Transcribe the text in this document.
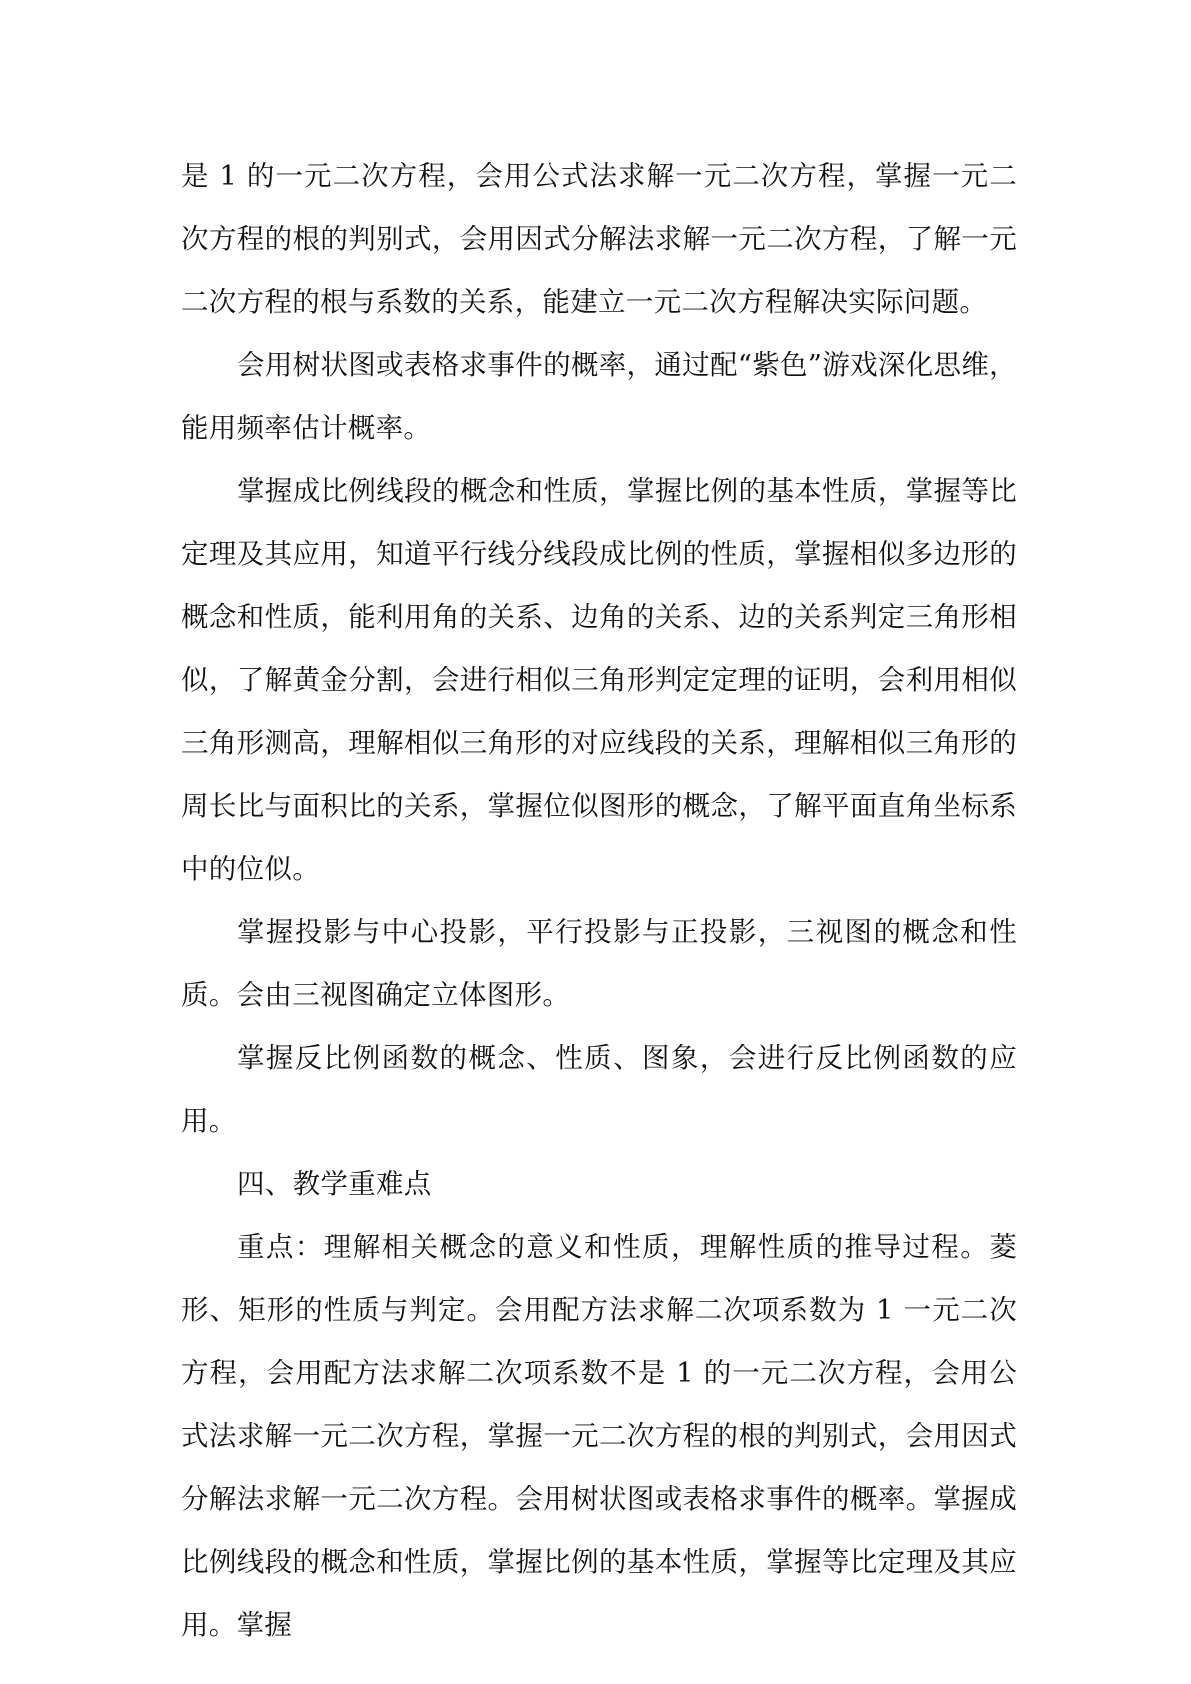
是 1 的一元二次方程，会用公式法求解一元二次方程，掌握一元二次方程的根的判别式，会用因式分解法求解一元二次方程，了解一元二次方程的根与系数的关系，能建立一元二次方程解决实际问题。

会用树状图或表格求事件的概率，通过配“紫色”游戏深化思维，能用频率估计概率。

掌握成比例线段的概念和性质，掌握比例的基本性质，掌握等比定理及其应用，知道平行线分线段成比例的性质，掌握相似多边形的概念和性质，能利用角的关系、边角的关系、边的关系判定三角形相似，了解黄金分割，会进行相似三角形判定定理的证明，会利用相似三角形测高，理解相似三角形的对应线段的关系，理解相似三角形的周长比与面积比的关系，掌握位似图形的概念，了解平面直角坐标系中的位似。

掌握投影与中心投影，平行投影与正投影，三视图的概念和性质。会由三视图确定立体图形。

掌握反比例函数的概念、性质、图象，会进行反比例函数的应用。

四、教学重难点

重点：理解相关概念的意义和性质，理解性质的推导过程。菱形、矩形的性质与判定。会用配方法求解二次项系数为 1 一元二次方程，会用配方法求解二次项系数不是 1 的一元二次方程，会用公式法求解一元二次方程，掌握一元二次方程的根的判别式，会用因式分解法求解一元二次方程。会用树状图或表格求事件的概率。掌握成比例线段的概念和性质，掌握比例的基本性质，掌握等比定理及其应用。掌握
